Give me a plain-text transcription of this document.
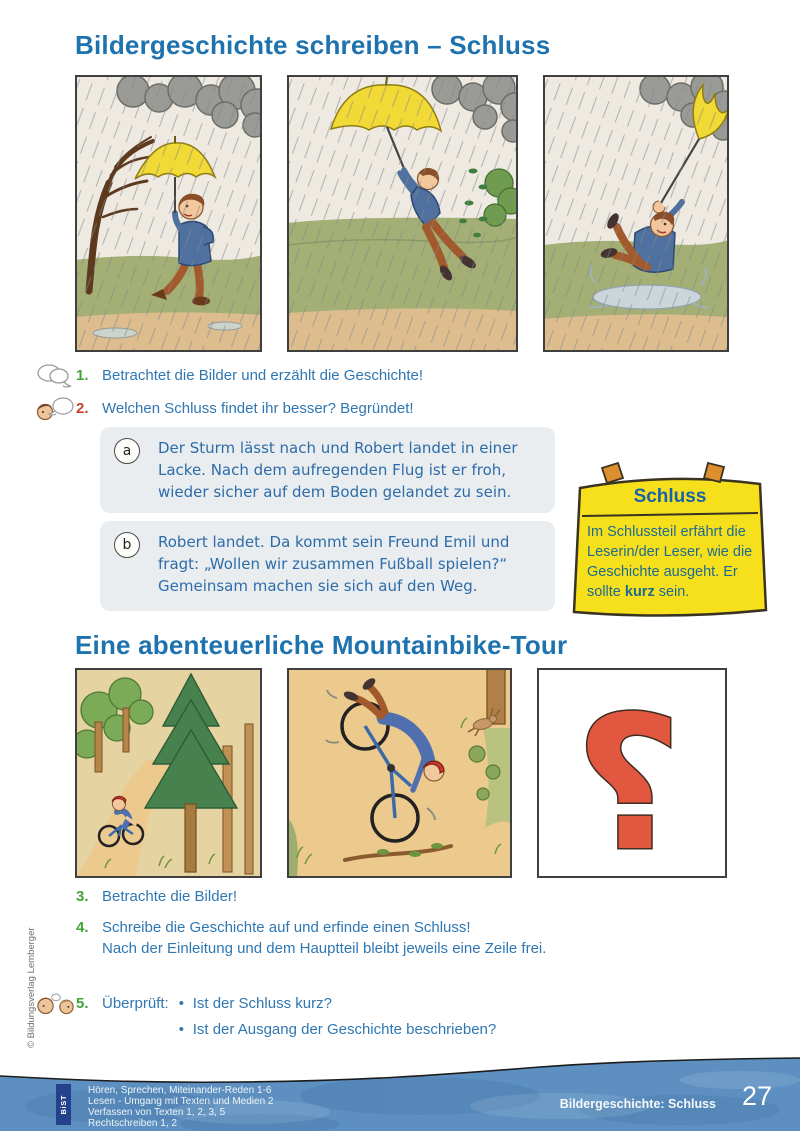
© Bildungsverlag Lemberger
Bildergeschichte schreiben – Schluss
1. Betrachtet die Bilder und erzählt die Geschichte!
2. Welchen Schluss findet ihr besser? Begründet!
a	Der Sturm lässt nach und Robert landet in einer Lacke. Nach dem aufregenden Flug ist er froh, wieder sicher auf dem Boden gelandet zu sein.
b	Robert landet. Da kommt sein Freund Emil und fragt: „Wollen wir zusammen Fußball spielen?“ Gemeinsam machen sie sich auf den Weg.
Schluss

Im Schlussteil erfährt die Leserin/der Leser, wie die Geschichte ausgeht. Er sollte kurz sein.

Eine abenteuerliche Mountainbike-Tour
?
3. Betrachte die Bilder!
4. Schreibe die Geschichte auf und erfinde einen Schluss!
Nach der Einleitung und dem Hauptteil bleibt jeweils eine Zeile frei.
5. Überprüft: • Ist der Schluss kurz?
• Ist der Ausgang der Geschichte beschrieben?
BiST
Hören, Sprechen, Miteinander-Reden 1-6
Lesen - Umgang mit Texten und Medien 2
Verfassen von Texten 1, 2, 3, 5
Rechtschreiben 1, 2
Bildergeschichte: Schluss 27
